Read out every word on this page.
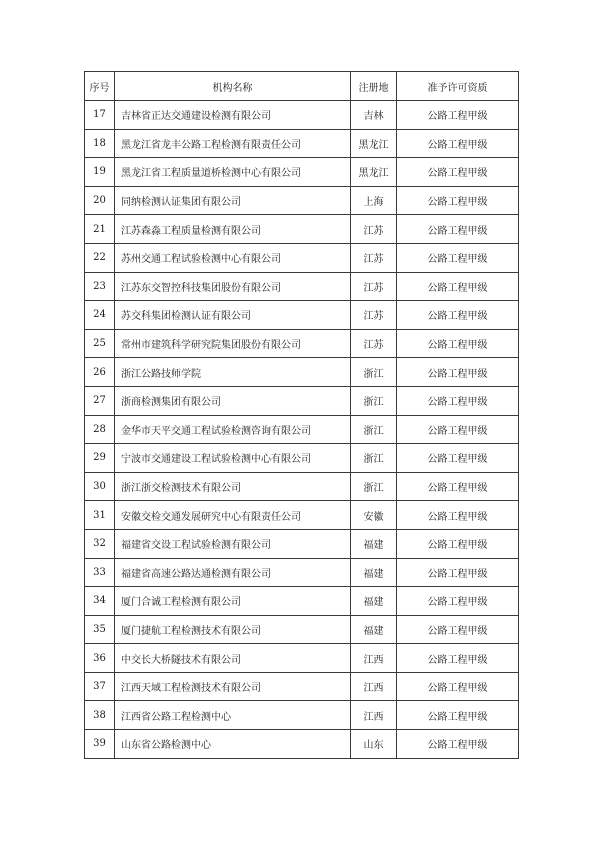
序号	机构名称	注册地	准予许可资质
17	吉林省正达交通建设检测有限公司	吉林	公路工程甲级
18	黑龙江省龙丰公路工程检测有限责任公司	黑龙江	公路工程甲级
19	黑龙江省工程质量道桥检测中心有限公司	黑龙江	公路工程甲级
20	同纳检测认证集团有限公司	上海	公路工程甲级
21	江苏森淼工程质量检测有限公司	江苏	公路工程甲级
22	苏州交通工程试验检测中心有限公司	江苏	公路工程甲级
23	江苏东交智控科技集团股份有限公司	江苏	公路工程甲级
24	苏交科集团检测认证有限公司	江苏	公路工程甲级
25	常州市建筑科学研究院集团股份有限公司	江苏	公路工程甲级
26	浙江公路技师学院	浙江	公路工程甲级
27	浙商检测集团有限公司	浙江	公路工程甲级
28	金华市天平交通工程试验检测咨询有限公司	浙江	公路工程甲级
29	宁波市交通建设工程试验检测中心有限公司	浙江	公路工程甲级
30	浙江浙交检测技术有限公司	浙江	公路工程甲级
31	安徽交检交通发展研究中心有限责任公司	安徽	公路工程甲级
32	福建省交设工程试验检测有限公司	福建	公路工程甲级
33	福建省高速公路达通检测有限公司	福建	公路工程甲级
34	厦门合诚工程检测有限公司	福建	公路工程甲级
35	厦门捷航工程检测技术有限公司	福建	公路工程甲级
36	中交长大桥隧技术有限公司	江西	公路工程甲级
37	江西天域工程检测技术有限公司	江西	公路工程甲级
38	江西省公路工程检测中心	江西	公路工程甲级
39	山东省公路检测中心	山东	公路工程甲级
